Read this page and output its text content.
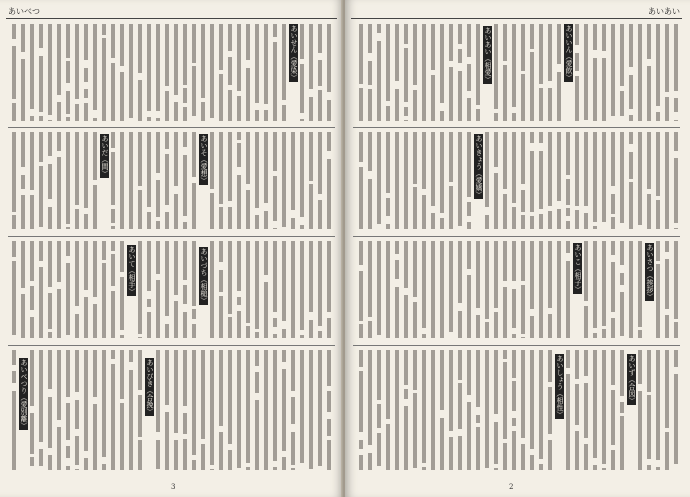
あいべつ
あいせん（愛染）
あいそ（愛想）
あいだ（間）
あいづち（相槌）
あいて（相手）
あいびき（合挽）
あいべつり（愛別離）
3
あいあい
あいいん（愛飲）
あいあい（相愛）
あいきょう（愛嬌）
あいさつ（挨拶）
あいこ（相子）
あいず（合図）
あいしょう（相性）
2
